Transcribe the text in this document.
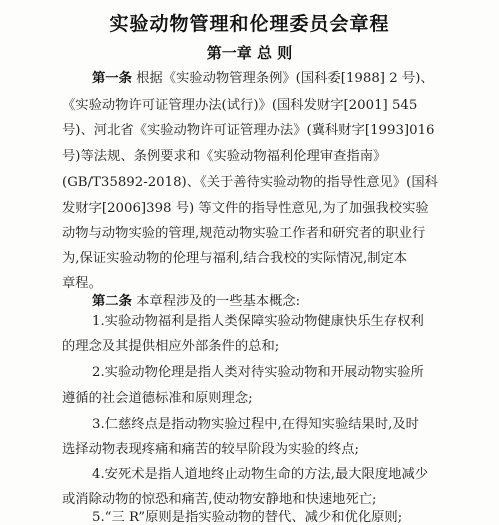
实验动物管理和伦理委员会章程
第一章 总 则
第一条 根据《实验动物管理条例》(国科委[1988] 2 号)、
《实验动物许可证管理办法(试行)》(国科发财字[2001] 545
号)、河北省《实验动物许可证管理办法》(冀科财字[1993]016
号)等法规、条例要求和《实验动物福利伦理审查指南》
(GB/T35892-2018)、《关于善待实验动物的指导性意见》(国科
发财字[2006]398 号) 等文件的指导性意见,为了加强我校实验
动物与动物实验的管理,规范动物实验工作者和研究者的职业行
为,保证实验动物的伦理与福利,结合我校的实际情况,制定本
章程。
第二条 本章程涉及的一些基本概念:
1.实验动物福利是指人类保障实验动物健康快乐生存权利
的理念及其提供相应外部条件的总和;
2.实验动物伦理是指人类对待实验动物和开展动物实验所
遵循的社会道德标准和原则理念;
3.仁慈终点是指动物实验过程中,在得知实验结果时,及时
选择动物表现疼痛和痛苦的较早阶段为实验的终点;
4.安死术是指人道地终止动物生命的方法,最大限度地减少
或消除动物的惊恐和痛苦,使动物安静地和快速地死亡;
5.“三 R”原则是指实验动物的替代、减少和优化原则;
